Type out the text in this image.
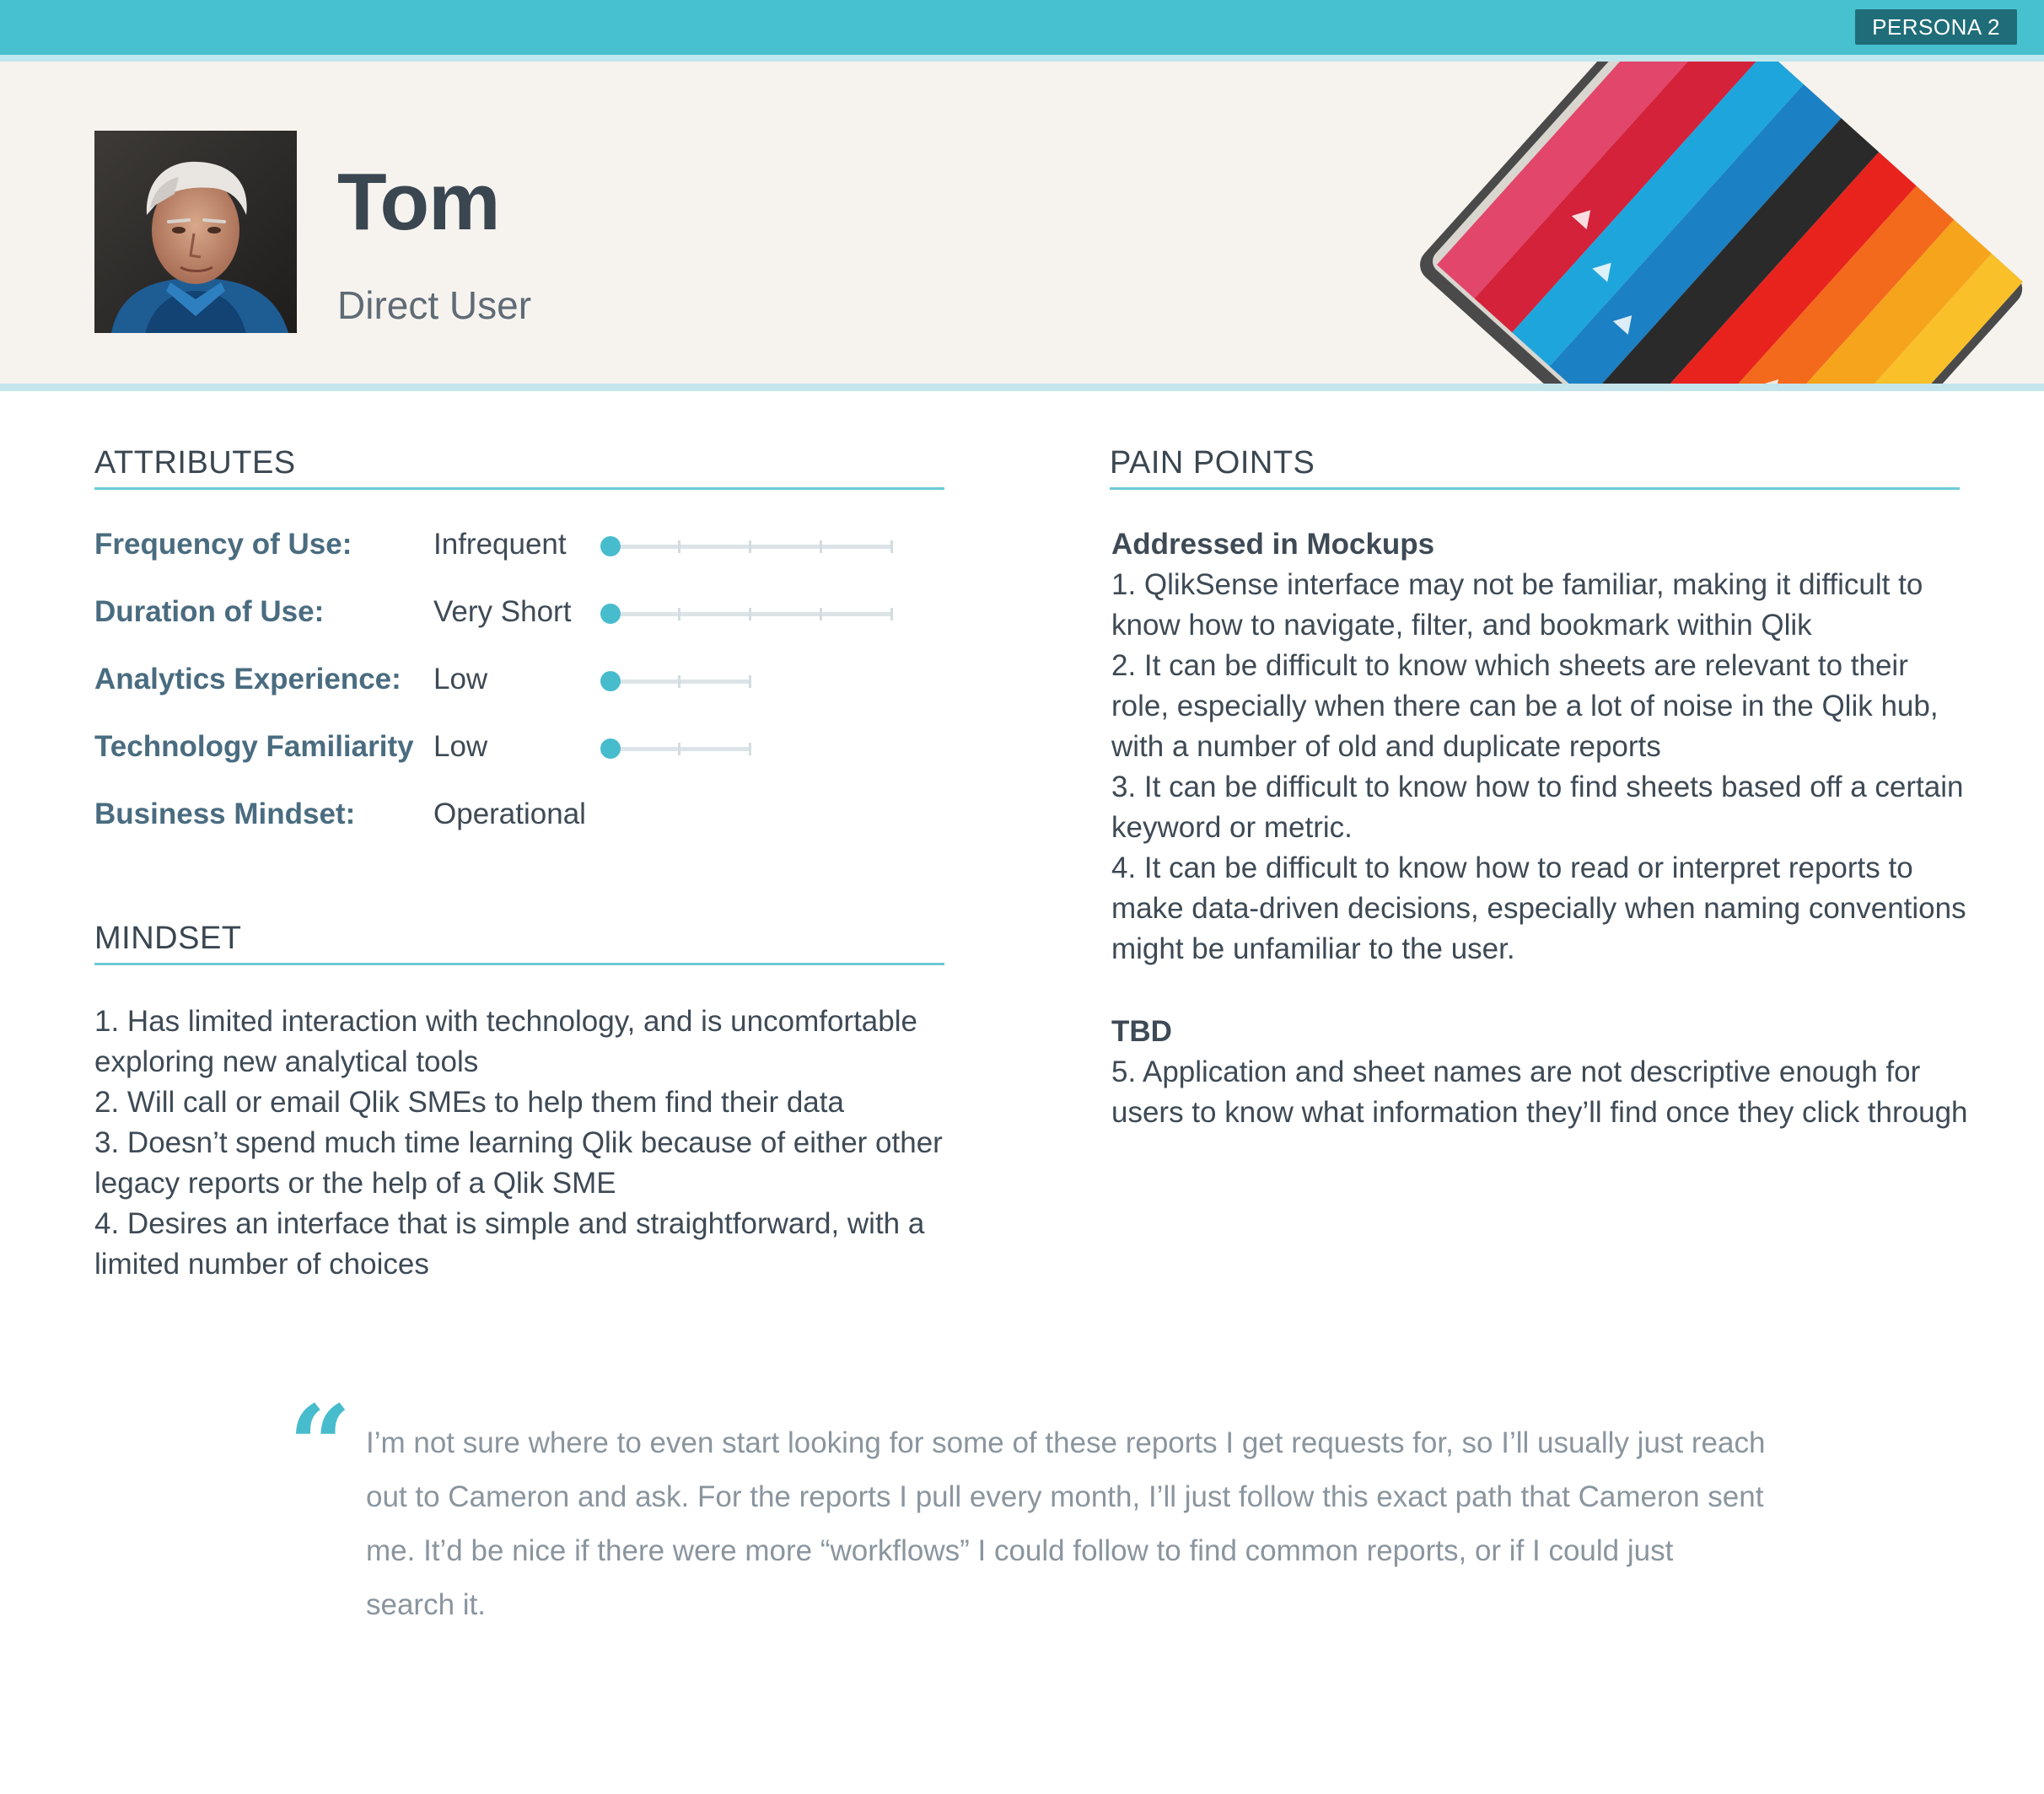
PERSONA 2
Tom
Direct User
ATTRIBUTES
Frequency of Use:	Infrequent
Duration of Use:	Very Short
Analytics Experience: Low
Technology Familiarity Low
Business Mindset:	Operational
MINDSET
1. Has limited interaction with technology, and is uncomfortable exploring new analytical tools
2. Will call or email Qlik SMEs to help them find their data
3. Doesn’t spend much time learning Qlik because of either other legacy reports or the help of a Qlik SME
4. Desires an interface that is simple and straightforward, with a limited number of choices
PAIN POINTS
Addressed in Mockups
1. QlikSense interface may not be familiar, making it difficult to know how to navigate, filter, and bookmark within Qlik
2. It can be difficult to know which sheets are relevant to their role, especially when there can be a lot of noise in the Qlik hub, with a number of old and duplicate reports
3. It can be difficult to know how to find sheets based off a certain keyword or metric.
4. It can be difficult to know how to read or interpret reports to make data-driven decisions, especially when naming conventions might be unfamiliar to the user.
TBD
5. Application and sheet names are not descriptive enough for users to know what information they’ll find once they click through
“ I’m not sure where to even start looking for some of these reports I get requests for, so I’ll usually just reach out to Cameron and ask. For the reports I pull every month, I’ll just follow this exact path that Cameron sent me. It’d be nice if there were more “workflows” I could follow to find common reports, or if I could just search it.
